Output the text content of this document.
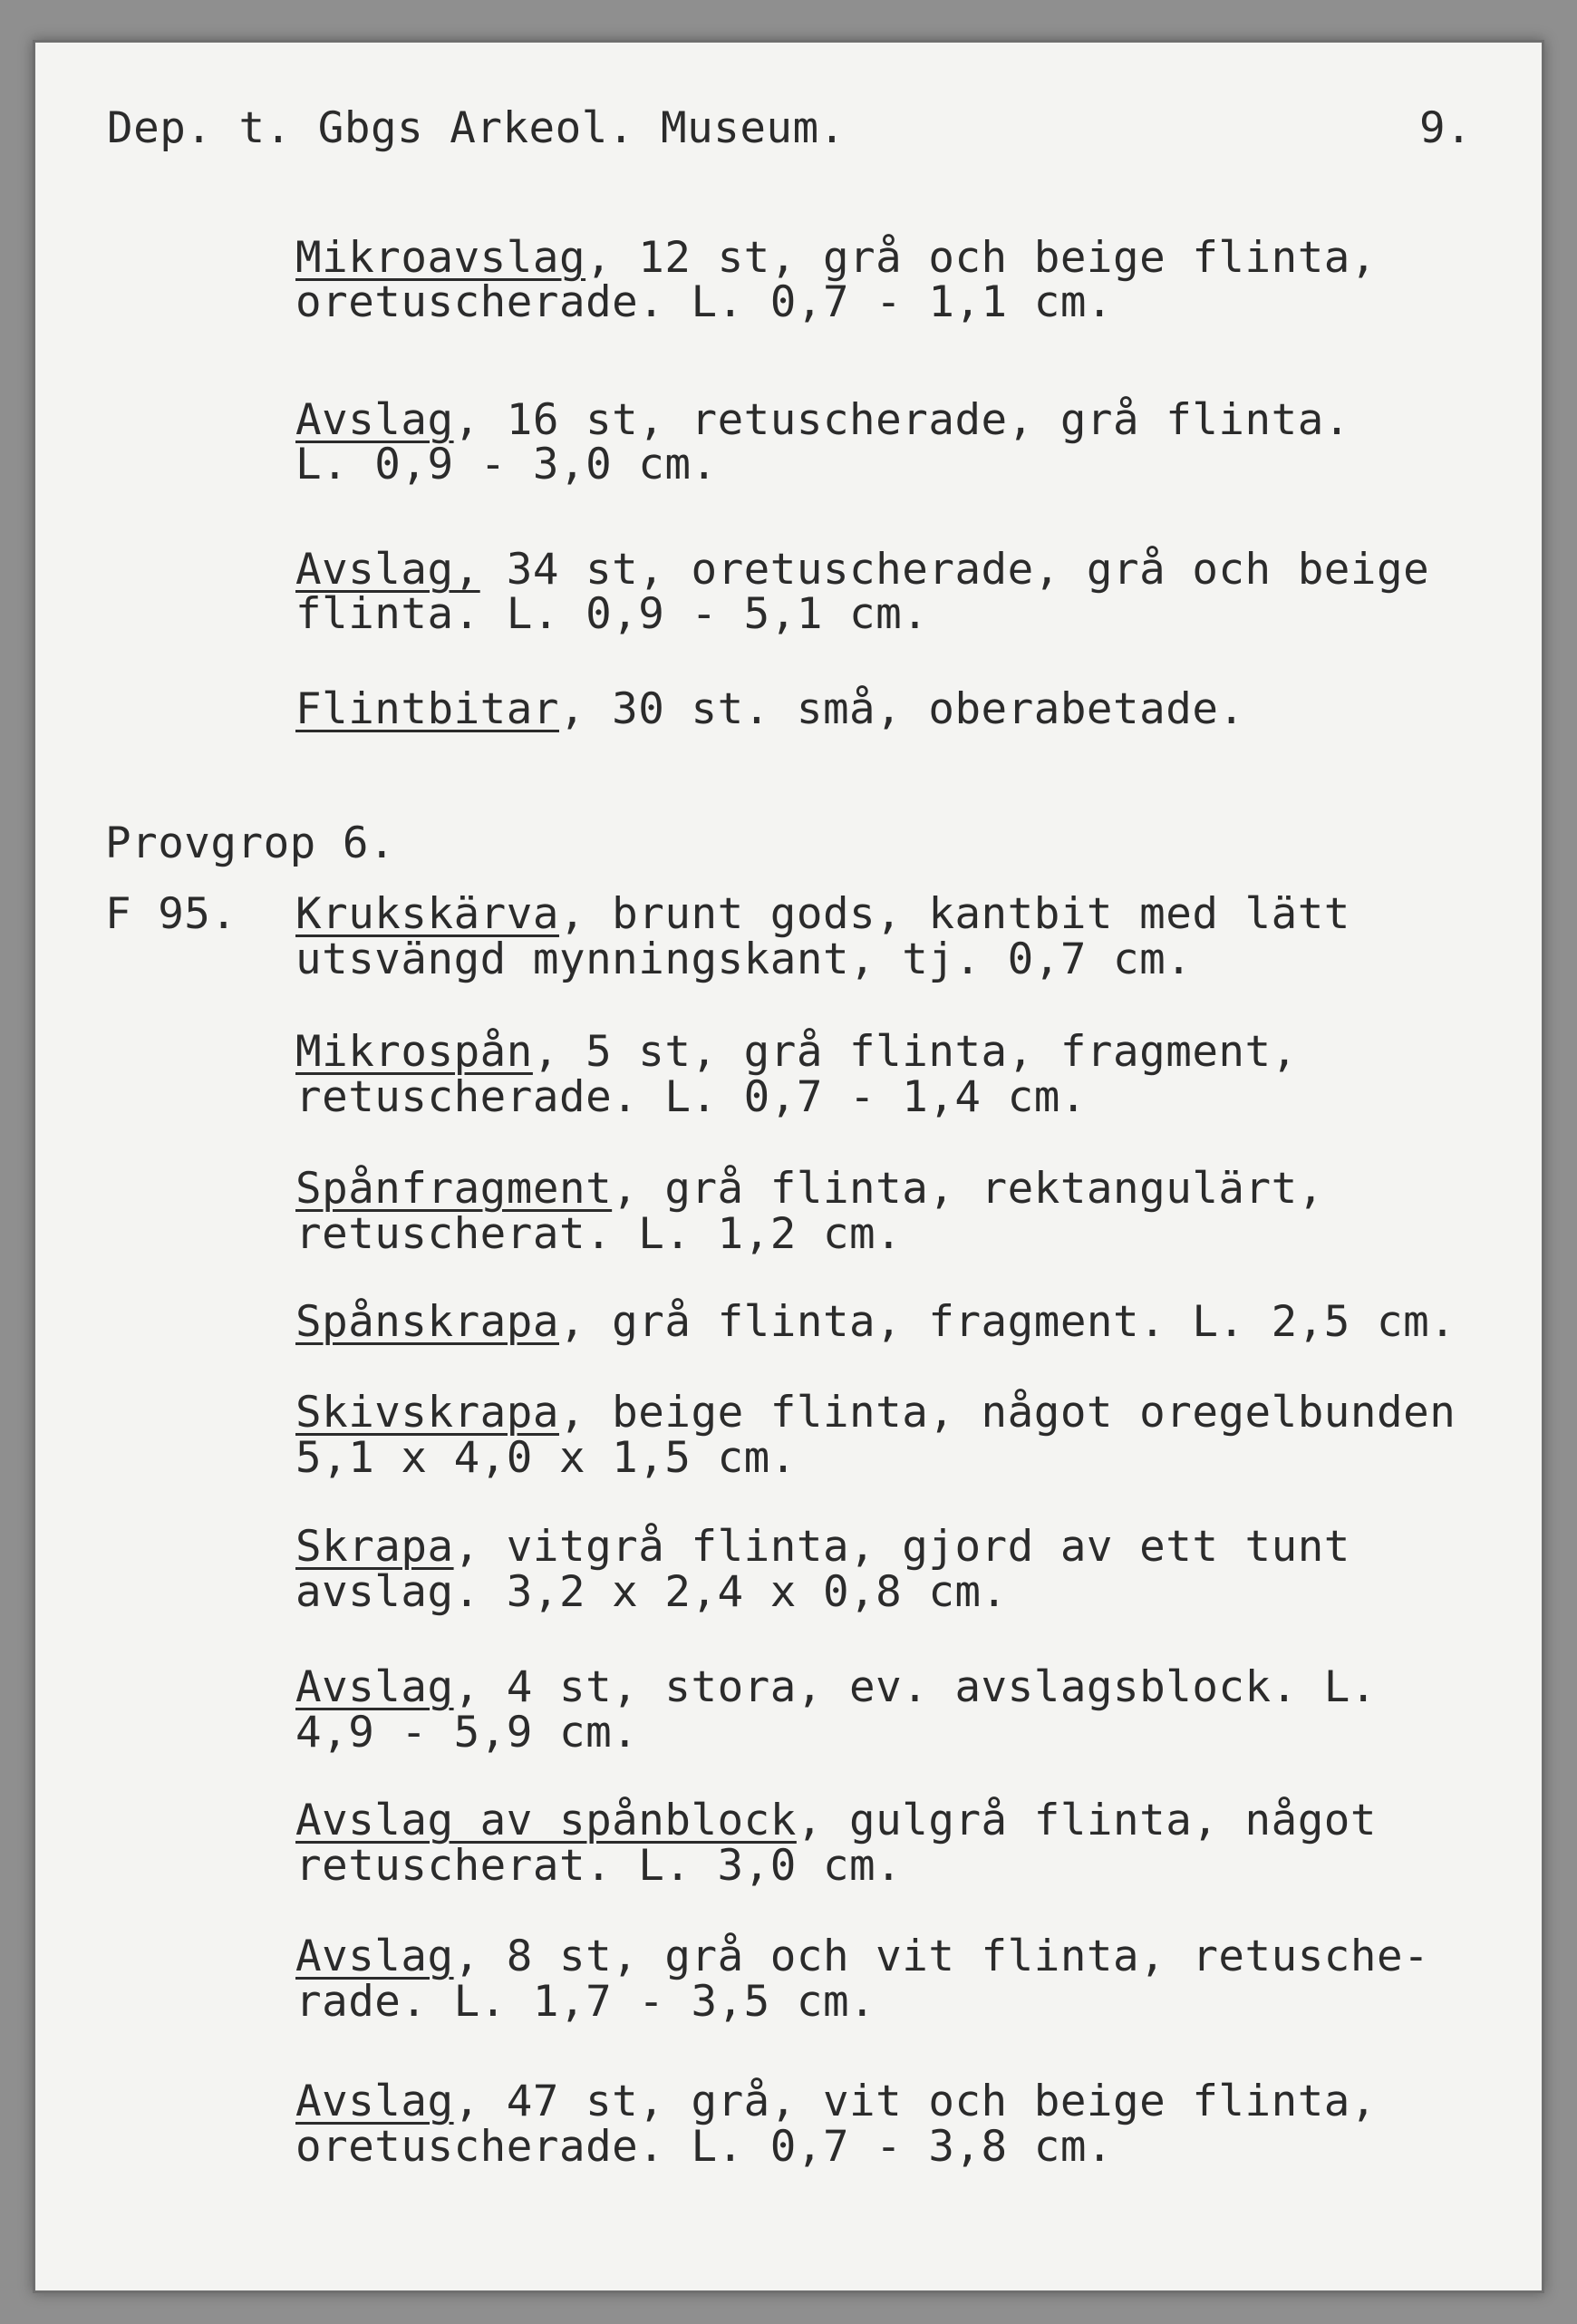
Dep. t. Gbgs Arkeol. Museum.	9.
Mikroavslag, 12 st, grå och beige flinta,
oretuscherade. L. 0,7 - 1,1 cm.
Avslag, 16 st, retuscherade, grå flinta.
L. 0,9 - 3,0 cm.
Avslag, 34 st, oretuscherade, grå och beige
flinta. L. 0,9 - 5,1 cm.
Flintbitar, 30 st. små, oberabetade.
Provgrop 6.
F 95. Krukskärva, brunt gods, kantbit med lätt
utsvängd mynningskant, tj. 0,7 cm.
Mikrospån, 5 st, grå flinta, fragment,
retuscherade. L. 0,7 - 1,4 cm.
Spånfragment, grå flinta, rektangulärt,
retuscherat. L. 1,2 cm.
Spånskrapa, grå flinta, fragment. L. 2,5 cm.
Skivskrapa, beige flinta, något oregelbunden
5,1 x 4,0 x 1,5 cm.
Skrapa, vitgrå flinta, gjord av ett tunt
avslag. 3,2 x 2,4 x 0,8 cm.
Avslag, 4 st, stora, ev. avslagsblock. L.
4,9 - 5,9 cm.
Avslag av spånblock, gulgrå flinta, något
retuscherat. L. 3,0 cm.
Avslag, 8 st, grå och vit flinta, retusche-
rade. L. 1,7 - 3,5 cm.
Avslag, 47 st, grå, vit och beige flinta,
oretuscherade. L. 0,7 - 3,8 cm.
